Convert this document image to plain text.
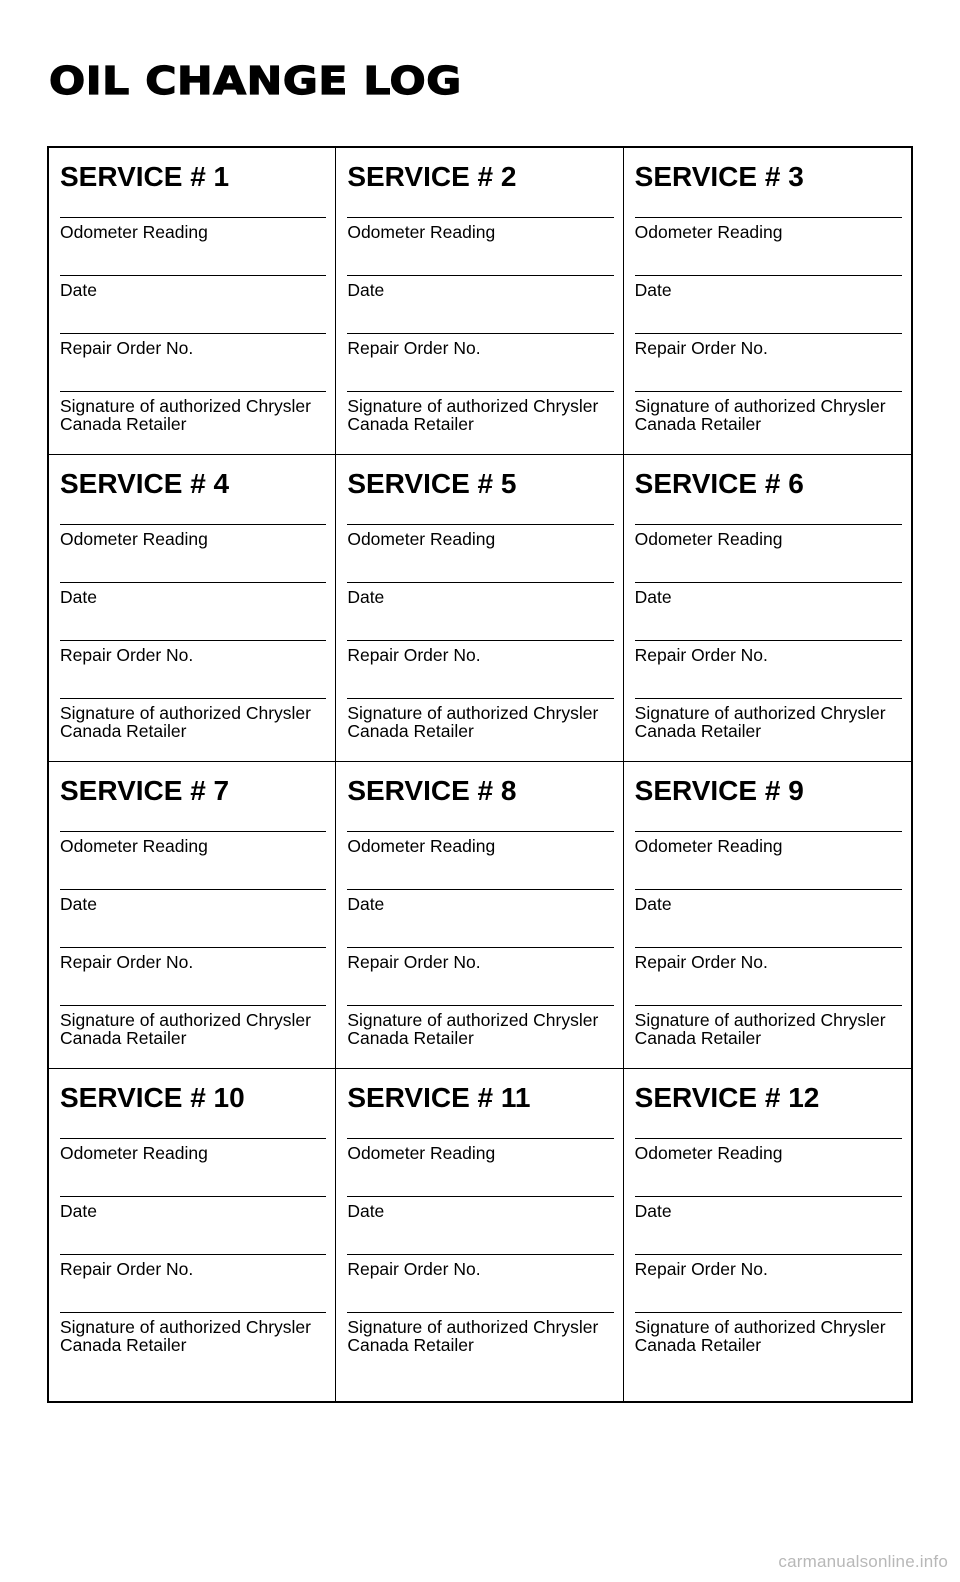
OIL CHANGE LOG
SERVICE # 1
Odometer Reading
Date
Repair Order No.
Signature of authorized Chrysler Canada Retailer
SERVICE # 2
Odometer Reading
Date
Repair Order No.
Signature of authorized Chrysler Canada Retailer
SERVICE # 3
Odometer Reading
Date
Repair Order No.
Signature of authorized Chrysler Canada Retailer
SERVICE # 4
Odometer Reading
Date
Repair Order No.
Signature of authorized Chrysler Canada Retailer
SERVICE # 5
Odometer Reading
Date
Repair Order No.
Signature of authorized Chrysler Canada Retailer
SERVICE # 6
Odometer Reading
Date
Repair Order No.
Signature of authorized Chrysler Canada Retailer
SERVICE # 7
Odometer Reading
Date
Repair Order No.
Signature of authorized Chrysler Canada Retailer
SERVICE # 8
Odometer Reading
Date
Repair Order No.
Signature of authorized Chrysler Canada Retailer
SERVICE # 9
Odometer Reading
Date
Repair Order No.
Signature of authorized Chrysler Canada Retailer
SERVICE # 10
Odometer Reading
Date
Repair Order No.
Signature of authorized Chrysler Canada Retailer
SERVICE # 11
Odometer Reading
Date
Repair Order No.
Signature of authorized Chrysler Canada Retailer
SERVICE # 12
Odometer Reading
Date
Repair Order No.
Signature of authorized Chrysler Canada Retailer
carmanualsonline.info
